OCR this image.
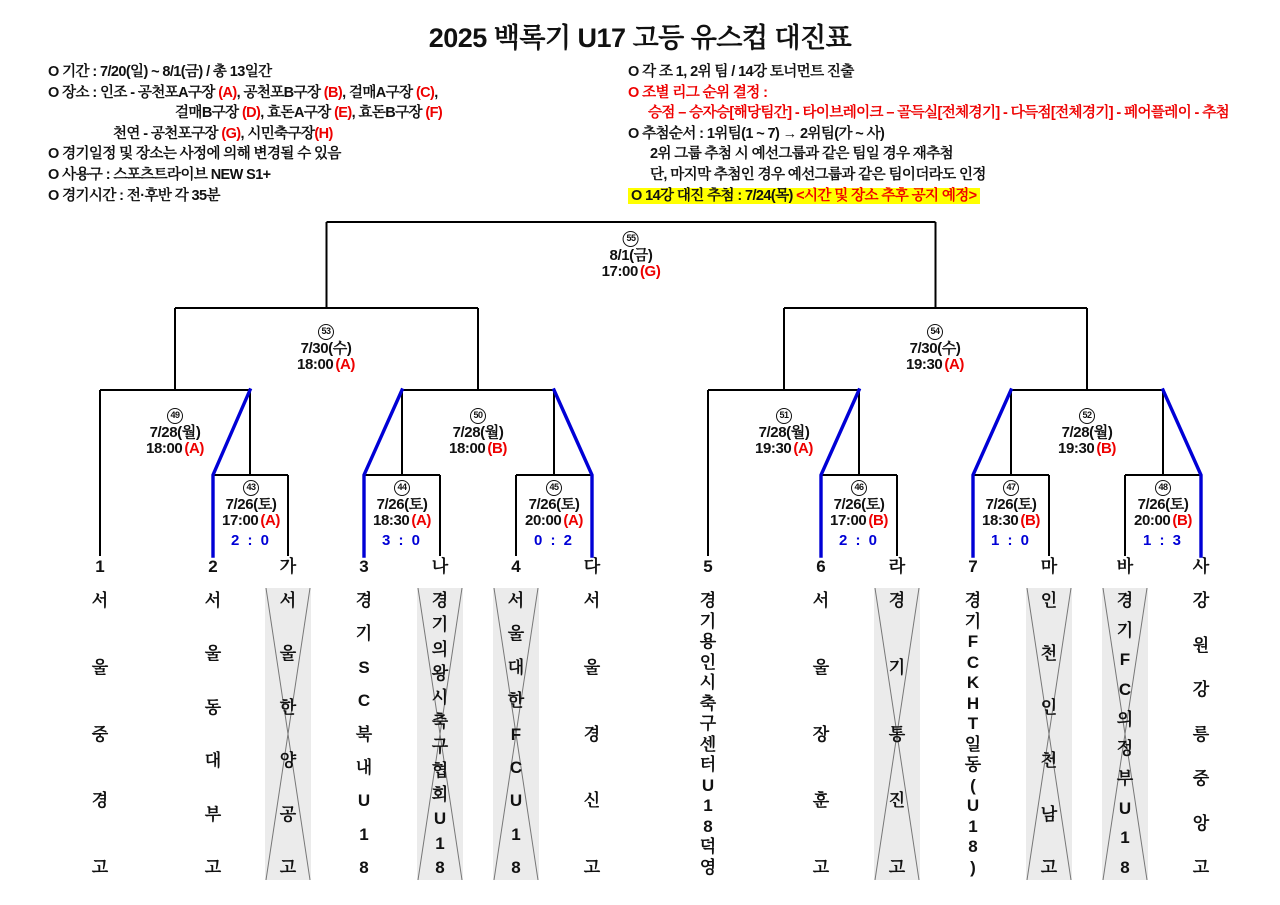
2025 백록기 U17 고등 유스컵 대진표
O 기간 : 7/20(일) ~ 8/1(금) / 총 13일간
O 장소 : 인조 - 공천포A구장 (A), 공천포B구장 (B), 걸매A구장 (C),
걸매B구장 (D), 효돈A구장 (E), 효돈B구장 (F)
천연 - 공천포구장 (G), 시민축구장(H)
O 경기일정 및 장소는 사정에 의해 변경될 수 있음
O 사용구 : 스포츠트라이브 NEW S1+
O 경기시간 : 전·후반 각 35분
O 각 조 1, 2위 팀 / 14강 토너먼트 진출
O 조별 리그 순위 결정 :
승점 – 승자승[해당팀간] - 타이브레이크 – 골득실[전체경기] - 다득점[전체경기] - 페어플레이 - 추첨
O 추첨순서 : 1위팀(1 ~ 7) → 2위팀(가 ~ 사)
2위 그룹 추첨 시 예선그룹과 같은 팀일 경우 재추첨
단, 마지막 추첨인 경우 예선그룹과 같은 팀이더라도 인정
O 14강 대진 추첨 : 7/24(목) <시간 및 장소 추후 공지 예정>
55
8/1(금)
17:00 (G)
53
7/30(수)
18:00 (A)
54
7/30(수)
19:30 (A)
49
7/28(월)
18:00 (A)
50
7/28(월)
18:00 (B)
51
7/28(월)
19:30 (A)
52
7/28(월)
19:30 (B)
43
7/26(토)
17:00 (A)
2 : 0
44
7/26(토)
18:30 (A)
3 : 0
45
7/26(토)
20:00 (A)
0 : 2
46
7/26(토)
17:00 (B)
2 : 0
47
7/26(토)
18:30 (B)
1 : 0
48
7/26(토)
20:00 (B)
1 : 3
1
서
울
중
경
고
2
서
울
동
대
부
고
가
서
울
한
양
공
고
3
경
기
S
C
북
내
U
1
8
나
경
기
의
왕
시
축
구
협
회
U
1
8
4
서
울
대
한
F
C
U
1
8
다
서
울
경
신
고
5
경
기
용
인
시
축
구
센
터
U
1
8
덕
영
6
서
울
장
훈
고
라
경
기
통
진
고
7
경
기
F
C
K
H
T
일
동
(
U
1
8
)
마
인
천
인
천
남
고
바
경
기
F
C
의
정
부
U
1
8
사
강
원
강
릉
중
앙
고
